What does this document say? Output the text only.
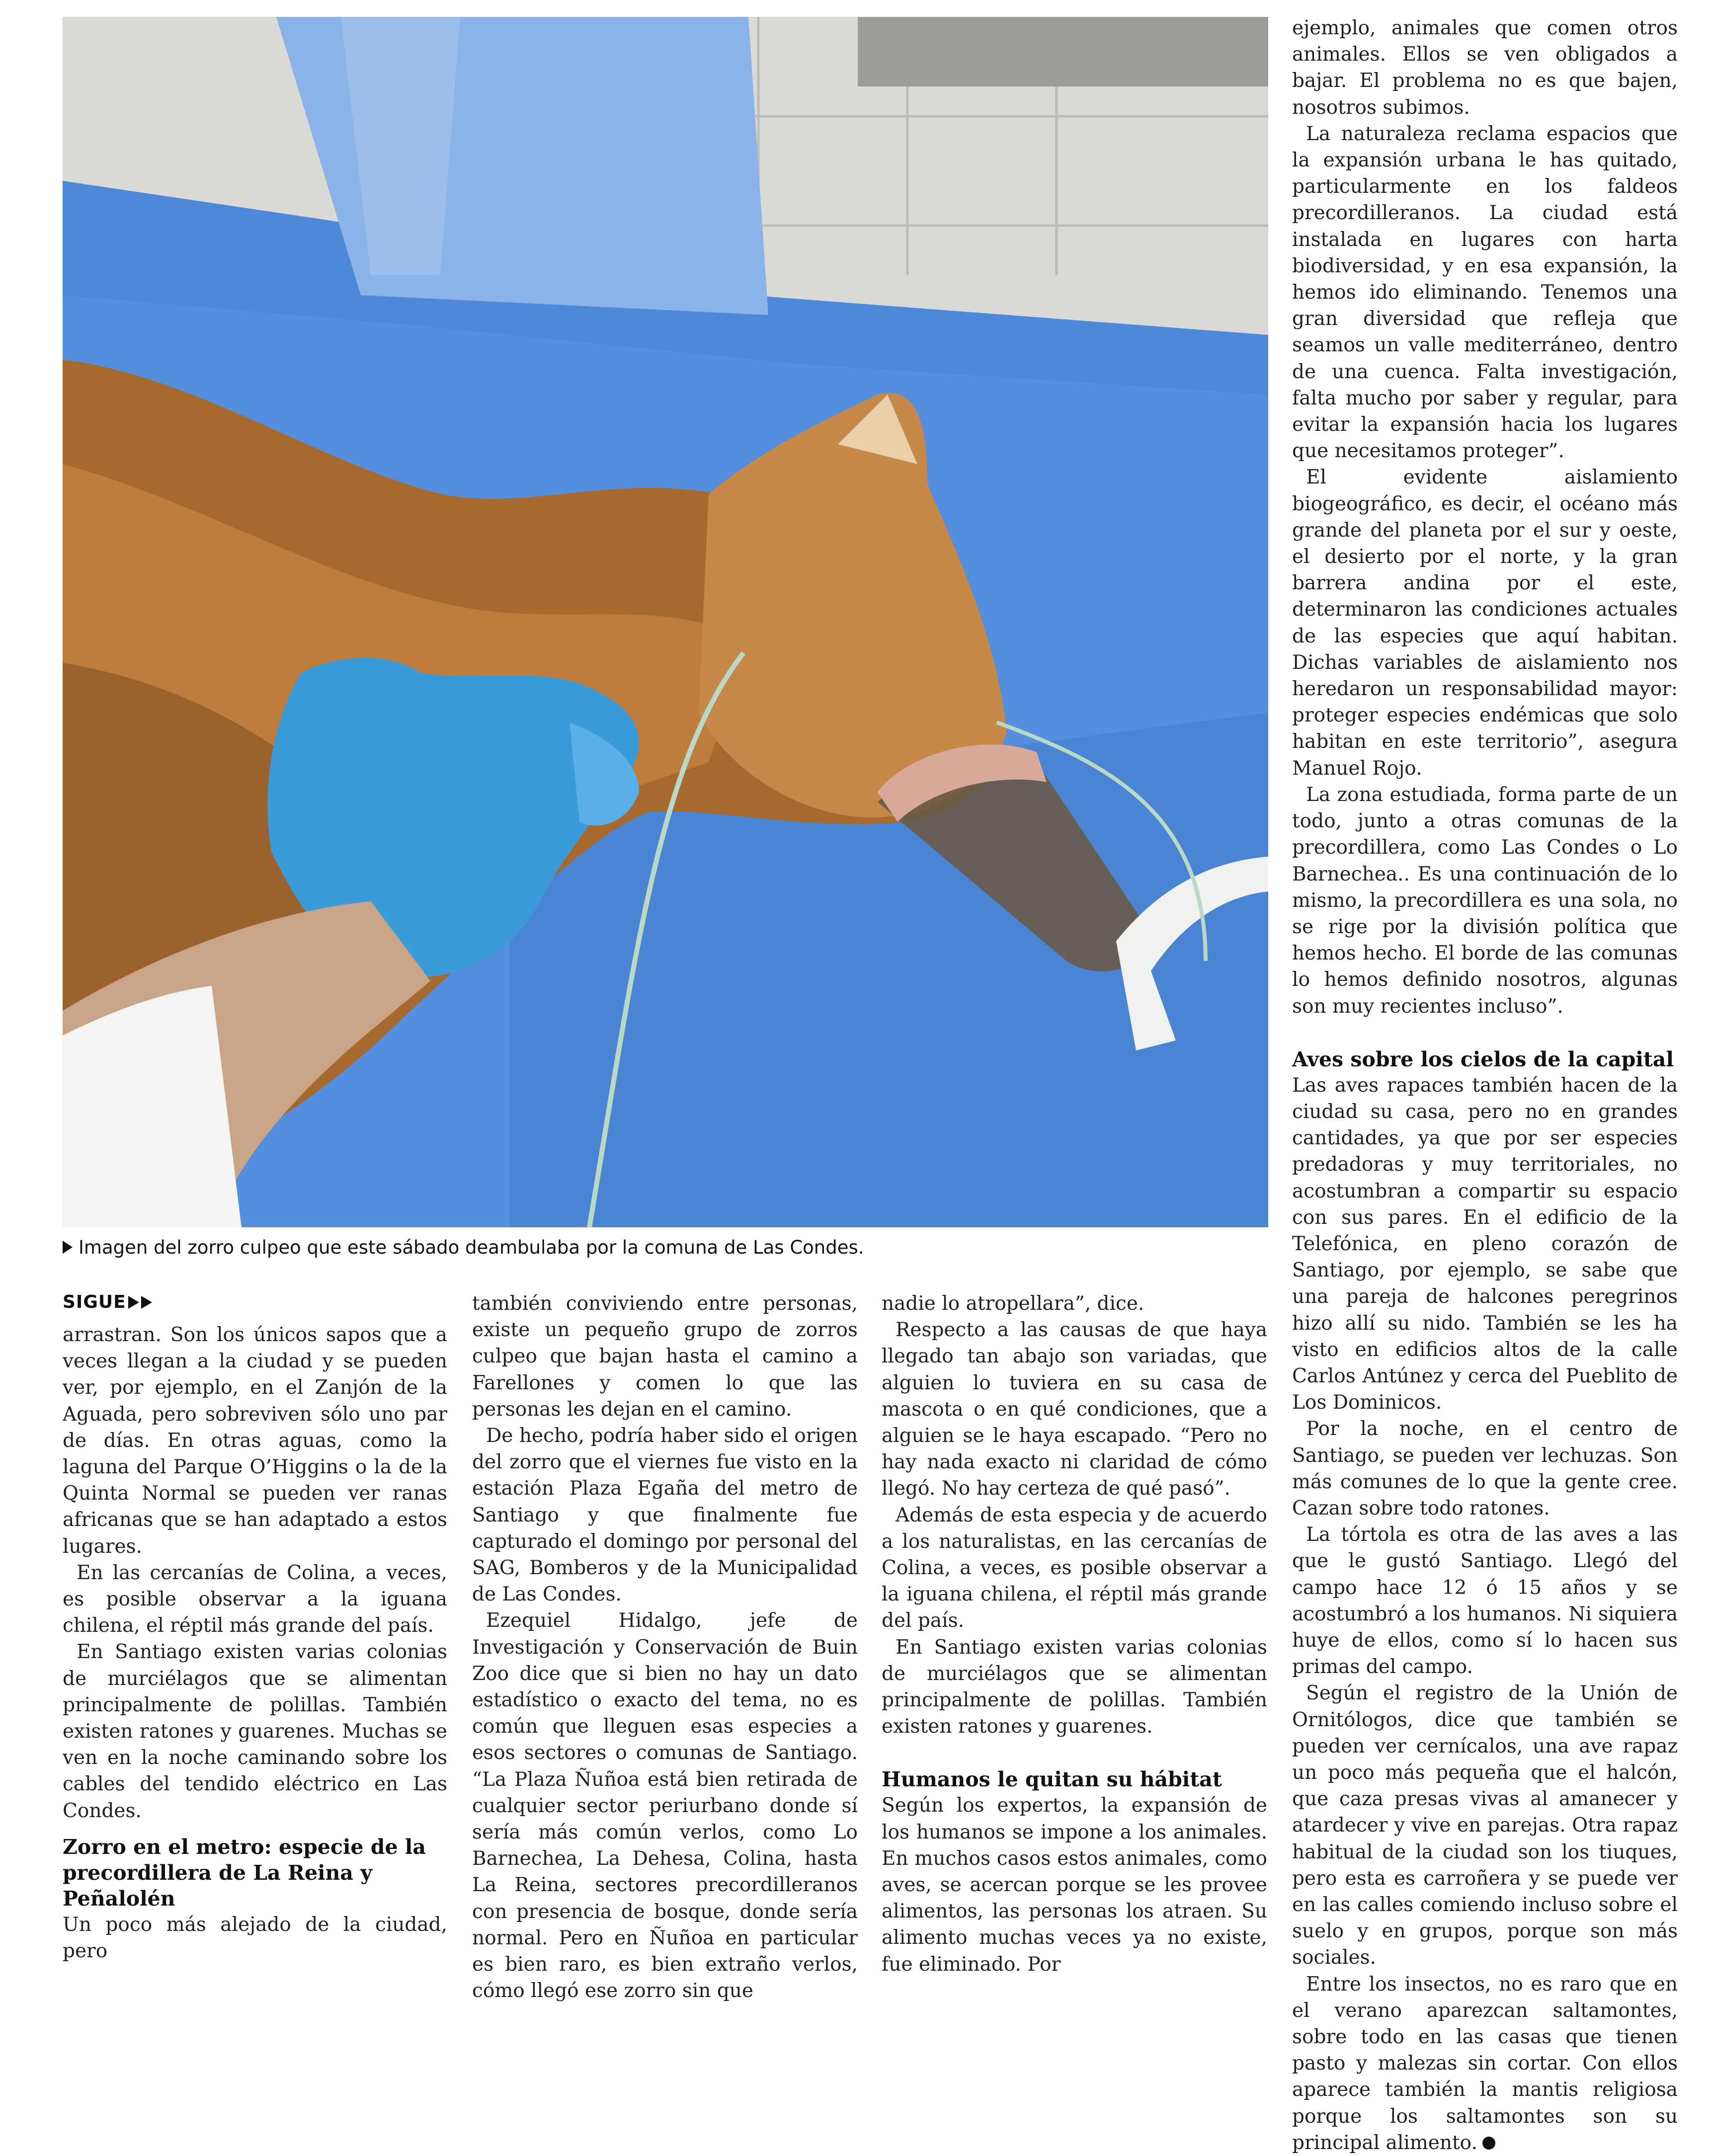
Imagen del zorro culpeo que este sábado deambulaba por la comuna de Las Condes.
SIGUE

arrastran. Son los únicos sapos que a veces llegan a la ciudad y se pueden ver, por ejemplo, en el Zanjón de la Aguada, pero sobreviven sólo uno par de días. En otras aguas, como la laguna del Parque O’Higgins o la de la Quinta Normal se pueden ver ranas africanas que se han adaptado a estos lugares.

En las cercanías de Colina, a veces, es posible observar a la iguana chilena, el réptil más grande del país.

En Santiago existen varias colonias de murciélagos que se alimentan principalmente de polillas. También existen ratones y guarenes. Muchas se ven en la noche caminando sobre los cables del tendido eléctrico en Las Condes.

Zorro en el metro: especie de la precordillera de La Reina y Peñalolén

Un poco más alejado de la ciudad, pero

también conviviendo entre personas, existe un pequeño grupo de zorros culpeo que bajan hasta el camino a Farellones y comen lo que las personas les dejan en el camino.

De hecho, podría haber sido el origen del zorro que el viernes fue visto en la estación Plaza Egaña del metro de Santiago y que finalmente fue capturado el domingo por personal del SAG, Bomberos y de la Municipalidad de Las Condes.

Ezequiel Hidalgo, jefe de Investigación y Conservación de Buin Zoo dice que si bien no hay un dato estadístico o exacto del tema, no es común que lleguen esas especies a esos sectores o comunas de Santiago. “La Plaza Ñuñoa está bien retirada de cualquier sector periurbano donde sí sería más común verlos, como Lo Barnechea, La Dehesa, Colina, hasta La Reina, sectores precordilleranos con presencia de bosque, donde sería normal. Pero en Ñuñoa en particular es bien raro, es bien extraño verlos, cómo llegó ese zorro sin que

nadie lo atropellara”, dice.

Respecto a las causas de que haya llegado tan abajo son variadas, que alguien lo tuviera en su casa de mascota o en qué condiciones, que a alguien se le haya escapado. “Pero no hay nada exacto ni claridad de cómo llegó. No hay certeza de qué pasó”.

Además de esta especia y de acuerdo a los naturalistas, en las cercanías de Colina, a veces, es posible observar a la iguana chilena, el réptil más grande del país.

En Santiago existen varias colonias de murciélagos que se alimentan principalmente de polillas. También existen ratones y guarenes.

Humanos le quitan su hábitat

Según los expertos, la expansión de los humanos se impone a los animales. En muchos casos estos animales, como aves, se acercan porque se les provee alimentos, las personas los atraen. Su alimento muchas veces ya no existe, fue eliminado. Por

ejemplo, animales que comen otros animales. Ellos se ven obligados a bajar. El problema no es que bajen, nosotros subimos.

La naturaleza reclama espacios que la expansión urbana le has quitado, particularmente en los faldeos precordilleranos. La ciudad está instalada en lugares con harta biodiversidad, y en esa expansión, la hemos ido eliminando. Tenemos una gran diversidad que refleja que seamos un valle mediterráneo, dentro de una cuenca. Falta investigación, falta mucho por saber y regular, para evitar la expansión hacia los lugares que necesitamos proteger”.

El evidente aislamiento biogeográfico, es decir, el océano más grande del planeta por el sur y oeste, el desierto por el norte, y la gran barrera andina por el este, determinaron las condiciones actuales de las especies que aquí habitan. Dichas variables de aislamiento nos heredaron un responsabilidad mayor: proteger especies endémicas que solo habitan en este territorio”, asegura Manuel Rojo.

La zona estudiada, forma parte de un todo, junto a otras comunas de la precordillera, como Las Condes o Lo Barnechea.. Es una continuación de lo mismo, la precordillera es una sola, no se rige por la división política que hemos hecho. El borde de las comunas lo hemos definido nosotros, algunas son muy recientes incluso”.

Aves sobre los cielos de la capital

Las aves rapaces también hacen de la ciudad su casa, pero no en grandes cantidades, ya que por ser especies predadoras y muy territoriales, no acostumbran a compartir su espacio con sus pares. En el edificio de la Telefónica, en pleno corazón de Santiago, por ejemplo, se sabe que una pareja de halcones peregrinos hizo allí su nido. También se les ha visto en edificios altos de la calle Carlos Antúnez y cerca del Pueblito de Los Dominicos.

Por la noche, en el centro de Santiago, se pueden ver lechuzas. Son más comunes de lo que la gente cree. Cazan sobre todo ratones.

La tórtola es otra de las aves a las que le gustó Santiago. Llegó del campo hace 12 ó 15 años y se acostumbró a los humanos. Ni siquiera huye de ellos, como sí lo hacen sus primas del campo.

Según el registro de la Unión de Ornitólogos, dice que también se pueden ver cernícalos, una ave rapaz un poco más pequeña que el halcón, que caza presas vivas al amanecer y atardecer y vive en parejas. Otra rapaz habitual de la ciudad son los tiuques, pero esta es carroñera y se puede ver en las calles comiendo incluso sobre el suelo y en grupos, porque son más sociales.

Entre los insectos, no es raro que en el verano aparezcan saltamontes, sobre todo en las casas que tienen pasto y malezas sin cortar. Con ellos aparece también la mantis religiosa porque los saltamontes son su principal alimento.
